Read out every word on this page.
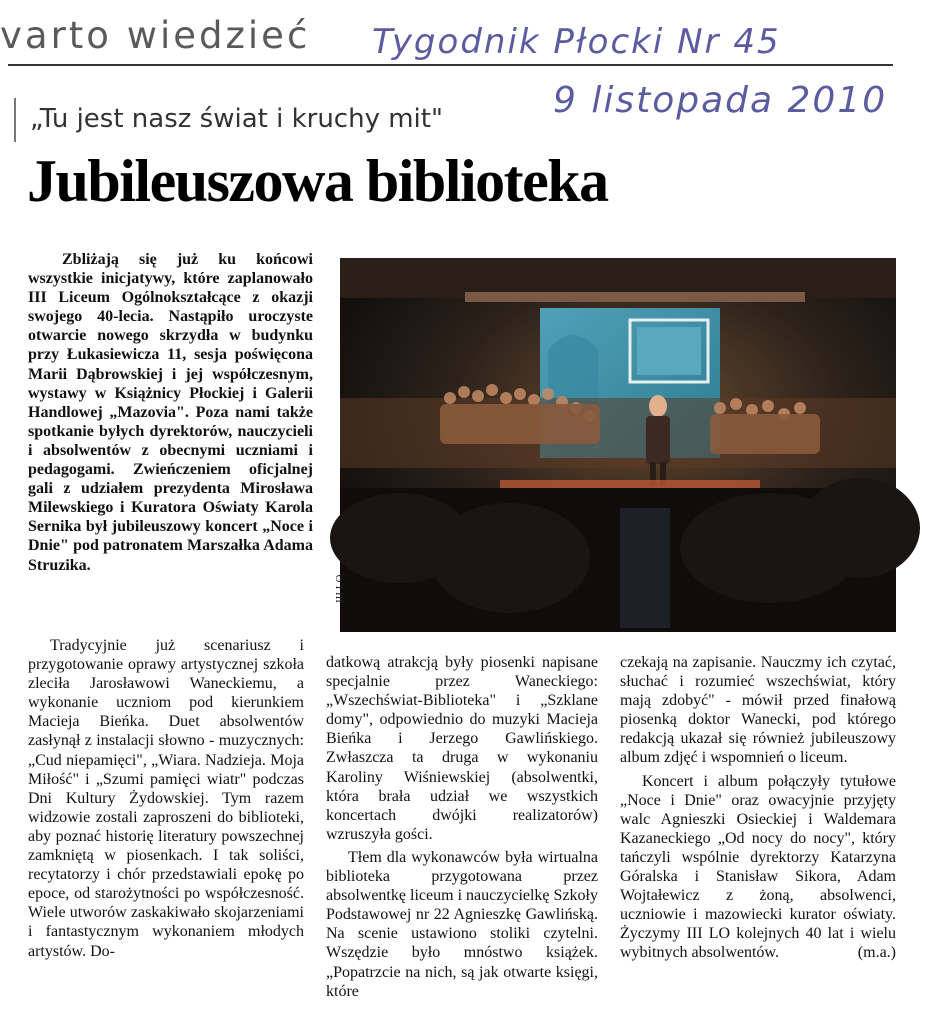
varto wiedzieć Tygodnik Płocki Nr 45
9 listopada 2010
„Tu jest nasz świat i kruchy mit"
Jubileuszowa biblioteka

Zbliżają się już ku końcowi wszystkie inicjatywy, które zaplanowało III Liceum Ogólnokształcące z okazji swojego 40-lecia. Nastąpiło uroczyste otwarcie nowego skrzydła w budynku przy Łukasiewicza 11, sesja poświęcona Marii Dąbrowskiej i jej współczesnym, wystawy w Książnicy Płockiej i Galerii Handlowej „Mazovia". Poza nami także spotkanie byłych dyrektorów, nauczycieli i absolwentów z obecnymi uczniami i pedagogami. Zwieńczeniem oficjalnej gali z udziałem prezydenta Mirosława Milewskiego i Kuratora Oświaty Karola Sernika był jubileuszowy koncert „Noce i Dnie" pod patronatem Marszałka Adama Struzika.

III LO

Tradycyjnie już scenariusz i przygotowanie oprawy artystycznej szkoła zleciła Jarosławowi Waneckiemu, a wykonanie uczniom pod kierunkiem Macieja Bieńka. Duet absolwentów zasłynął z instalacji słowno - muzycznych: „Cud niepamięci", „Wiara. Nadzieja. Moja Miłość" i „Szumi pamięci wiatr" podczas Dni Kultury Żydowskiej. Tym razem widzowie zostali zaproszeni do biblioteki, aby poznać historię literatury powszechnej zamkniętą w piosenkach. I tak soliści, recytatorzy i chór przedstawiali epokę po epoce, od starożytności po współczesność. Wiele utworów zaskakiwało skojarzeniami i fantastycznym wykonaniem młodych artystów. Do-

datkową atrakcją były piosenki napisane specjalnie przez Waneckiego: „Wszechświat-Biblioteka" i „Szklane domy", odpowiednio do muzyki Macieja Bieńka i Jerzego Gawlińskiego. Zwłaszcza ta druga w wykonaniu Karoliny Wiśniewskiej (absolwentki, która brała udział we wszystkich koncertach dwójki realizatorów) wzruszyła gości.

Tłem dla wykonawców była wirtualna biblioteka przygotowana przez absolwentkę liceum i nauczycielkę Szkoły Podstawowej nr 22 Agnieszkę Gawlińską. Na scenie ustawiono stoliki czytelni. Wszędzie było mnóstwo książek. „Popatrzcie na nich, są jak otwarte księgi, które

czekają na zapisanie. Nauczmy ich czytać, słuchać i rozumieć wszechświat, który mają zdobyć" - mówił przed finałową piosenką doktor Wanecki, pod którego redakcją ukazał się również jubileuszowy album zdjęć i wspomnień o liceum.

Koncert i album połączyły tytułowe „Noce i Dnie" oraz owacyjnie przyjęty walc Agnieszki Osieckiej i Waldemara Kazaneckiego „Od nocy do nocy", który tańczyli wspólnie dyrektorzy Katarzyna Góralska i Stanisław Sikora, Adam Wojtałewicz z żoną, absolwenci, uczniowie i mazowiecki kurator oświaty. Życzymy III LO kolejnych 40 lat i wielu wybitnych absolwentów.	(m.a.)
